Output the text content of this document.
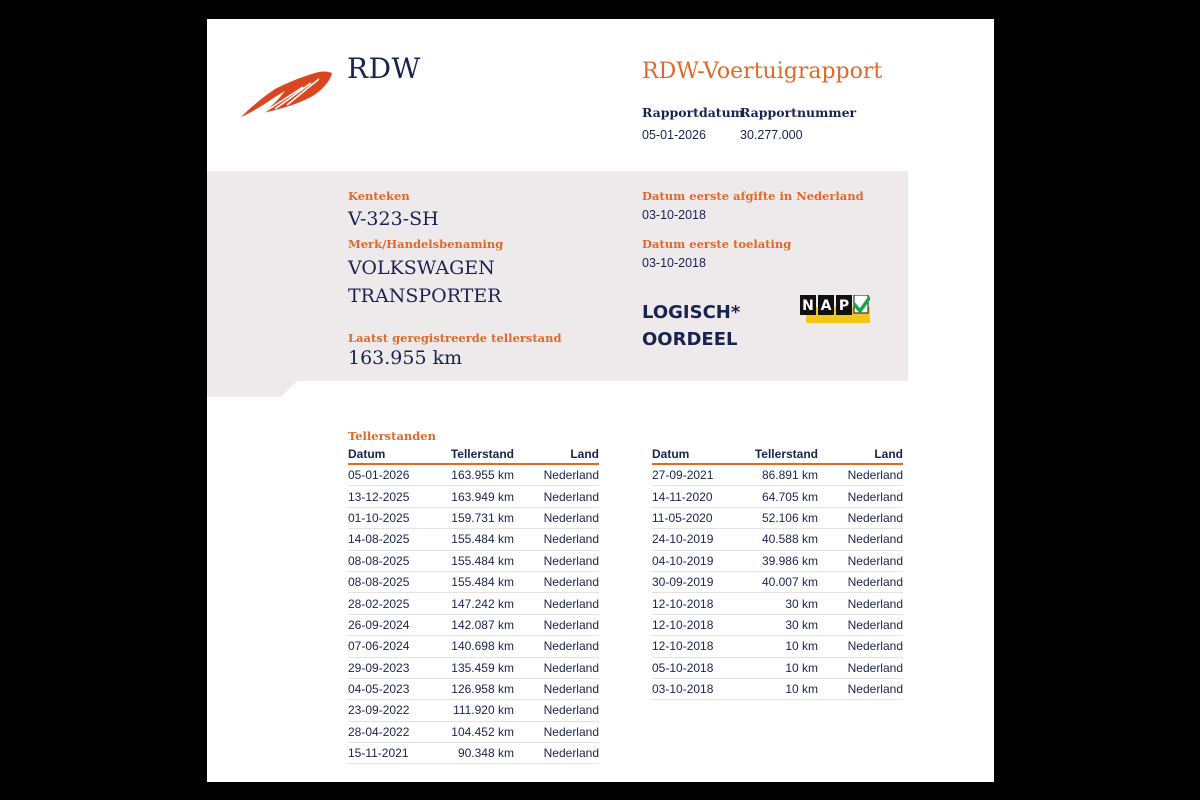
RDW	RDW-Voertuigrapport
Rapportdatum
05-01-2026
Rapportnummer
30.277.000
Kenteken
V-323-SH
Merk/Handelsbenaming
VOLKSWAGEN
TRANSPORTER
Laatst geregistreerde tellerstand
163.955 km
Datum eerste afgifte in Nederland
03-10-2018
Datum eerste toelating
03-10-2018
LOGISCH*
OORDEEL
N A P
Tellerstanden
Datum	Tellerstand	Land
05-01-2026	163.955 km	Nederland
13-12-2025	163.949 km	Nederland
01-10-2025	159.731 km	Nederland
14-08-2025	155.484 km	Nederland
08-08-2025	155.484 km	Nederland
08-08-2025	155.484 km	Nederland
28-02-2025	147.242 km	Nederland
26-09-2024	142.087 km	Nederland
07-06-2024	140.698 km	Nederland
29-09-2023	135.459 km	Nederland
04-05-2023	126.958 km	Nederland
23-09-2022	111.920 km	Nederland
28-04-2022	104.452 km	Nederland
15-11-2021	90.348 km	Nederland
Datum	Tellerstand	Land
27-09-2021	86.891 km	Nederland
14-11-2020	64.705 km	Nederland
11-05-2020	52.106 km	Nederland
24-10-2019	40.588 km	Nederland
04-10-2019	39.986 km	Nederland
30-09-2019	40.007 km	Nederland
12-10-2018	30 km	Nederland
12-10-2018	30 km	Nederland
12-10-2018	10 km	Nederland
05-10-2018	10 km	Nederland
03-10-2018	10 km	Nederland
